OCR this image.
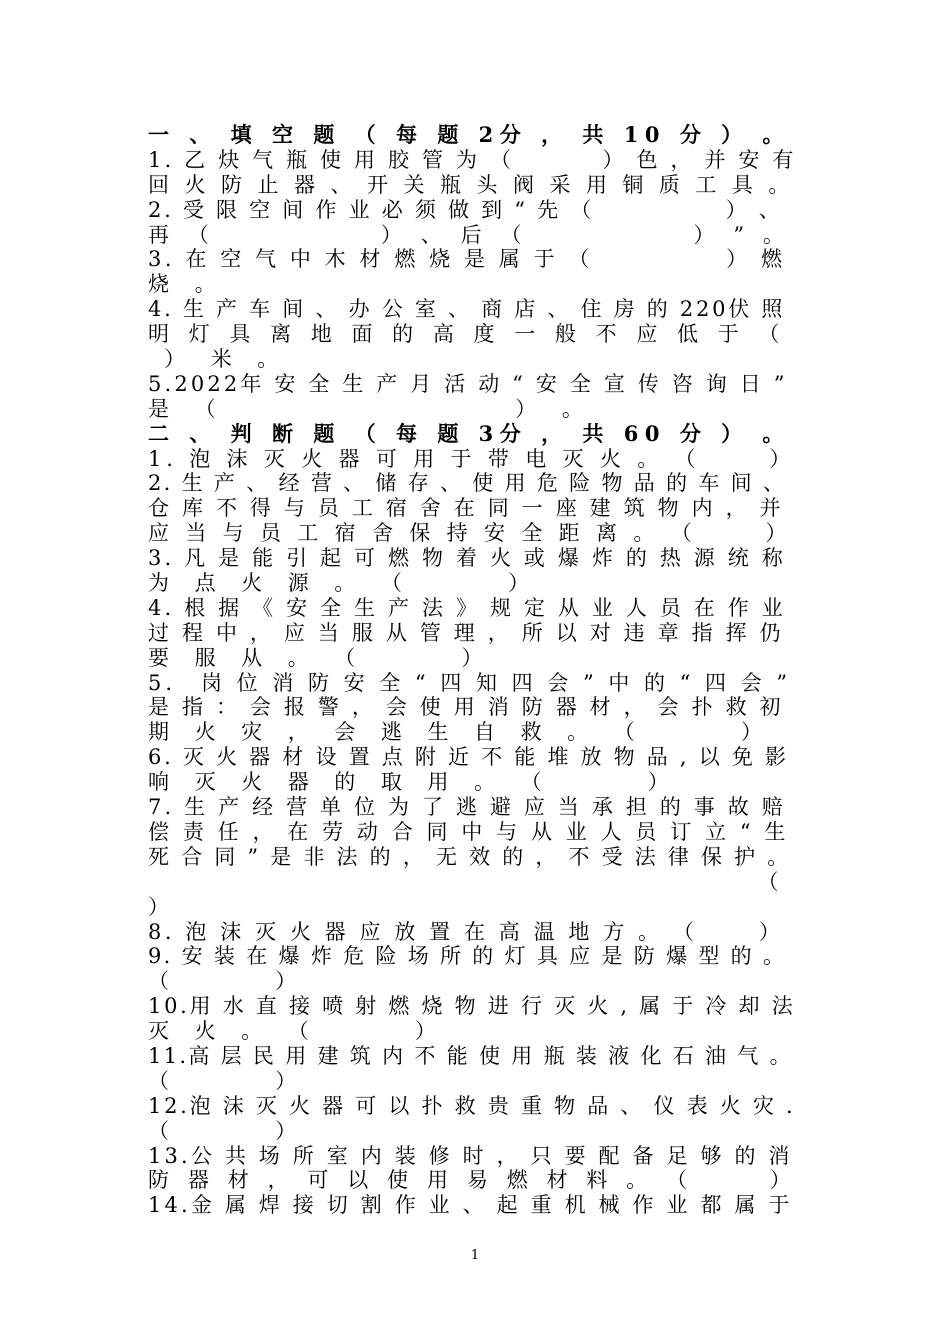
一 、 填 空 题 （ 每 题 2分 ， 共 10 分 ） 。
1. 乙 炔 气 瓶 使 用 胶 管 为 （         ） 色 ， 并 安 有
回 火 防 止 器 、 开 关 瓶 头 阀 采 用 铜 质 工 具 。
2. 受 限 空 间 作 业 必 须 做 到 “ 先 （              ） 、
再 （             ） 、 后 （             ） ” 。
3. 在 空 气 中 木 材 燃 烧 是 属 于 （             ） 燃
烧 。
4. 生 产 车 间 、 办 公 室 、 商 店 、 住 房 的 220伏 照
明 灯 具 离 地 面 的 高 度 一 般 不 应 低 于 （
） 米 。
5.2022年 安 全 生 产 月 活 动 “ 安 全 宣 传 咨 询 日 ”
是 （                  ） 。
二 、 判 断 题 （ 每 题 3分 ， 共 60 分 ） 。
1. 泡 沫 灭 火 器 可 用 于 带 电 灭 火 。 （      ）
2. 生 产 、 经 营 、 储 存 、 使 用 危 险 物 品 的 车 间 、
仓 库 不 得 与 员 工 宿 舍 在 同 一 座 建 筑 物 内 ， 并
应 当 与 员 工 宿 舍 保 持 安 全 距 离 。 （      ）
3. 凡 是 能 引 起 可 燃 物 着 火 或 爆 炸 的 热 源 统 称
为 点 火 源 。 （      ）
4. 根 据 《 安 全 生 产 法 》 规 定 从 业 人 员 在 作 业
过 程 中 ， 应 当 服 从 管 理 ， 所 以 对 违 章 指 挥 仍
要 服 从 。 （      ）
5． 岗 位 消 防 安 全 “ 四 知 四 会 ” 中 的 “ 四 会 ”
是 指 ： 会 报 警 ， 会 使 用 消 防 器 材 ， 会 扑 救 初
期 火 灾 ， 会 逃 生 自 救 。 （      ）
6. 灭 火 器 材 设 置 点 附 近 不 能 堆 放 物 品 , 以 免 影
响 灭 火 器 的 取 用 。 （      ）
7. 生 产 经 营 单 位 为 了 逃 避 应 当 承 担 的 事 故 赔
偿 责 任 ， 在 劳 动 合 同 中 与 从 业 人 员 订 立 “ 生
死 合 同 ” 是 非 法 的 ， 无 效 的 ， 不 受 法 律 保 护 。
（
）
8. 泡 沫 灭 火 器 应 放 置 在 高 温 地 方 。 （      ）
9. 安 装 在 爆 炸 危 险 场 所 的 灯 具 应 是 防 爆 型 的 。
（      ）
10.用 水 直 接 喷 射 燃 烧 物 进 行 灭 火 , 属 于 冷 却 法
灭 火 。 （      ）
11.高 层 民 用 建 筑 内 不 能 使 用 瓶 装 液 化 石 油 气 。
（      ）
12.泡 沫 灭 火 器 可 以 扑 救 贵 重 物 品 、 仪 表 火 灾 .
（      ）
13.公 共 场 所 室 内 装 修 时 ， 只 要 配 备 足 够 的 消
防 器 材 ， 可 以 使 用 易 燃 材 料 。 （      ）
14.金 属 焊 接 切 割 作 业 、 起 重 机 械 作 业 都 属 于
1
